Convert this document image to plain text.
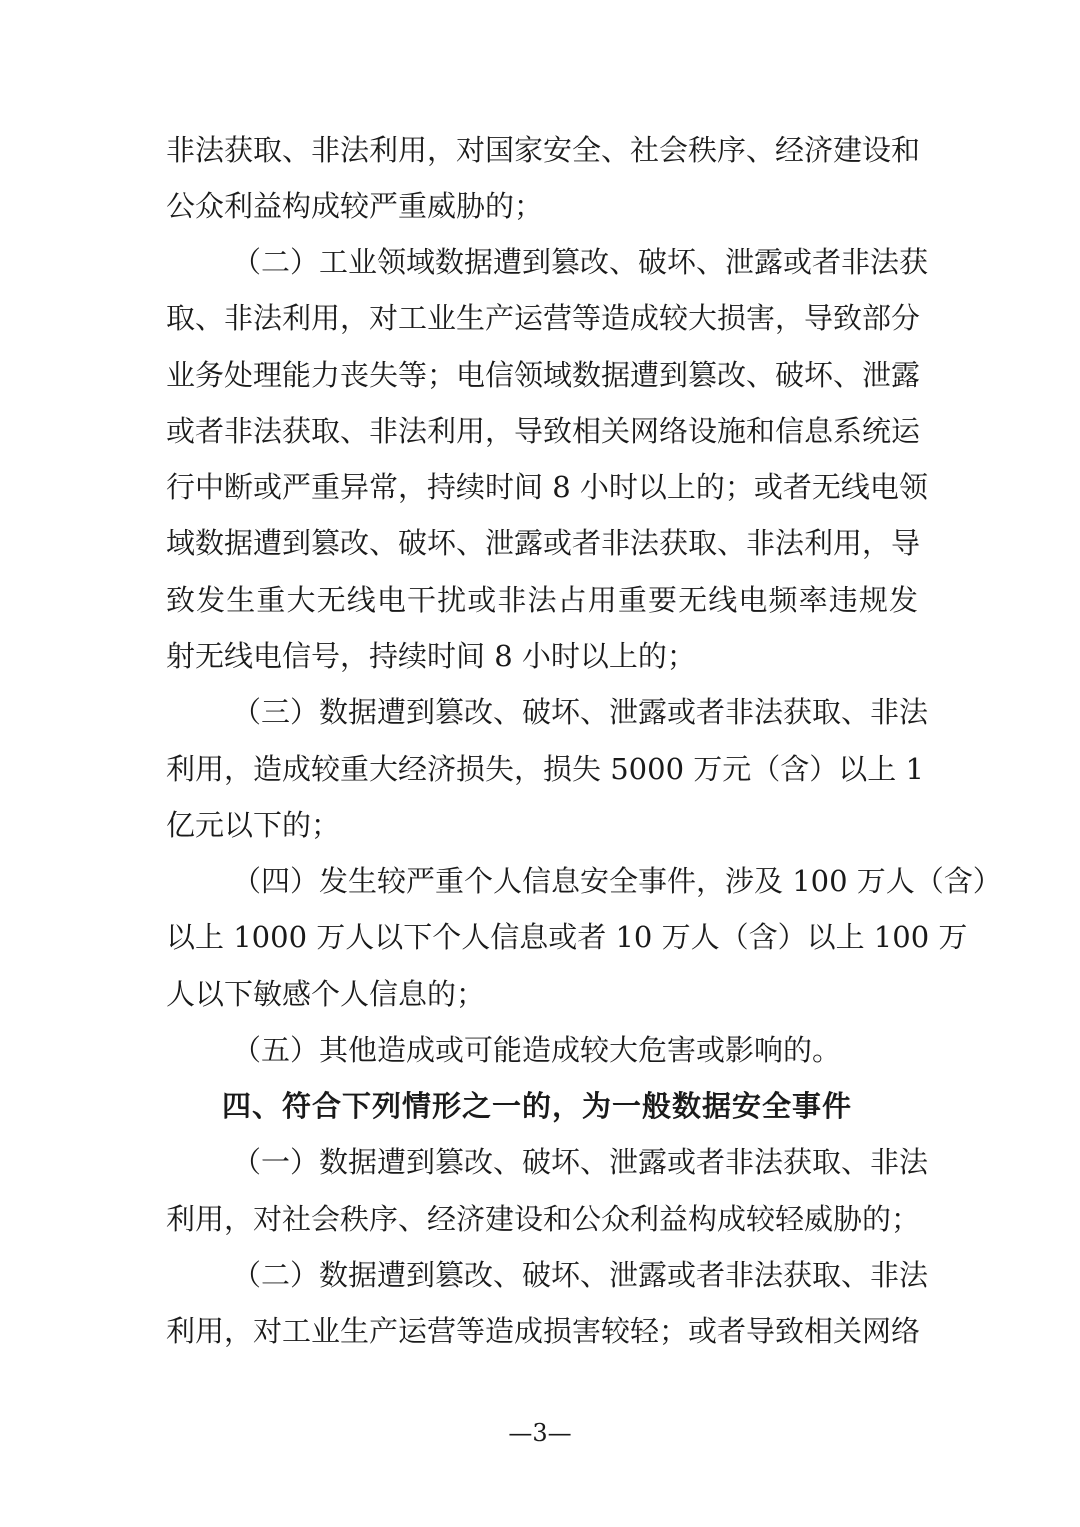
非法获取、非法利用，对国家安全、社会秩序、经济建设和
公众利益构成较严重威胁的；
（二）工业领域数据遭到篡改、破坏、泄露或者非法获
取、非法利用，对工业生产运营等造成较大损害，导致部分
业务处理能力丧失等；电信领域数据遭到篡改、破坏、泄露
或者非法获取、非法利用，导致相关网络设施和信息系统运
行中断或严重异常，持续时间 8 小时以上的；或者无线电领
域数据遭到篡改、破坏、泄露或者非法获取、非法利用，导
致发生重大无线电干扰或非法占用重要无线电频率违规发
射无线电信号，持续时间 8 小时以上的；
（三）数据遭到篡改、破坏、泄露或者非法获取、非法
利用，造成较重大经济损失，损失 5000 万元（含）以上 1
亿元以下的；
（四）发生较严重个人信息安全事件，涉及 100 万人（含）
以上 1000 万人以下个人信息或者 10 万人（含）以上 100 万
人以下敏感个人信息的；
（五）其他造成或可能造成较大危害或影响的。
四、符合下列情形之一的，为一般数据安全事件
（一）数据遭到篡改、破坏、泄露或者非法获取、非法
利用，对社会秩序、经济建设和公众利益构成较轻威胁的；
（二）数据遭到篡改、破坏、泄露或者非法获取、非法
利用，对工业生产运营等造成损害较轻；或者导致相关网络
—3—
